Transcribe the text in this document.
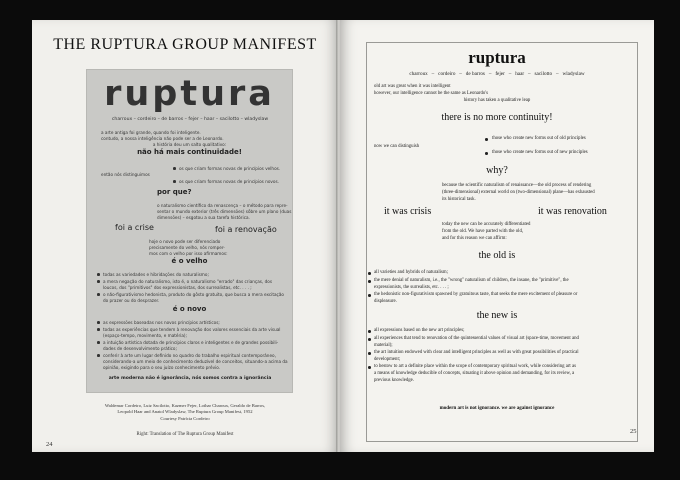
THE RUPTURA GROUP MANIFEST
ruptura
charroux – cordeiro – de barros – fejer – haar – sacilotto – wladyslaw
a arte antiga foi grande, quando foi inteligente.
contudo, a nossa inteligência não pode ser a de Leonardo.
a história deu um salto qualitativo:
não há mais continuidade!
os que criam formas novas de princípios velhos.
então nós distinguimos
os que criam formas novas de princípios novos.
por que?
o naturalismo científico da renascença – o método para repre-
sentar o mundo exterior (três dimensões) sôbre um plano (duas
dimensões) – esgotou a sua tarefa histórica.
foi a crise	foi a renovação
hoje o novo pode ser diferenciado
precisamente do velho, nós romper-
mos com o velho por isso afirmamos:
é o velho
todas as variedades e hibridações do naturalismo;
a mera negação do naturalismo, isto é, o naturalismo "errado" das crianças, dos
loucos, dos "primitivos" dos expressionistas, dos surrealistas, etc. . . . ;
o não-figurativismo hedonista, produto do gôsto gratuito, que busca a mera excitação
do prazer ou do desprazer.
é o novo
as expressões baseadas nos novos princípios artísticos;
todas as experiências que tendem à renovação dos valores essenciais da arte visual
(espaço-tempo, movimento, e matéria);
a intuição artística dotada de princípios claros e inteligentes e de grandes possibili-
dades de desenvolvimento prático;
conferir à arte um lugar definido no quadro do trabalho espiritual contemporâneo,
considerando-a um meio de conhecimento deduzível de conceitos, situando-a acima da
opinião, exigindo para o seu juízo conhecimento prévio.
arte moderna não é ignorância, nós somos contra a ignorância
Waldemar Cordeiro, Luiz Sacilotto, Kazmer Fejer, Lothar Charoux, Geraldo de Barros,
Leopold Haar and Anatol Wladyslaw, The Ruptura Group Manifest, 1952
Courtesy Patrícia Cordeiro
Right: Translation of The Ruptura Group Manifest
24
ruptura
charroux   –   cordeiro   –   de barros   –   fejer   –   haar   –   sacilotto   –   wladyslaw
old art was great when it was intelligent
however, our intelligence cannot be the same as Leonardo's
history has taken a qualitative leap
there is no more continuity!
those who create new forms out of old principles
now we can distinguish
those who create new forms out of new principles
why?
because the scientific naturalism of renaissance—the old process of rendering
(three-dimensional) external world on (two-dimensional) plane—has exhausted
its historical task.
it was crisis	it was renovation
today the new can be accurately differentiated
from the old. We have parted with the old,
and for this reason we can affirm:
the old is
all varieties and hybrids of naturalism;
the mere denial of naturalism, i.e., the "wrong" naturalism of children, the insane, the "primitive", the
expressionists, the surrealists, etc. . . . ;
the hedonistic non-figurativism spawned by gratuitous taste, that seeks the mere excitement of pleasure or
displeasure.
the new is
all expressions based on the new art principles;
all experiences that tend to renovation of the quintessential values of visual art (space-time, movement and
material);
the art intuition endowed with clear and intelligent principles as well as with great possibilities of practical
development;
to bestow to art a definite place within the scope of contemporary spiritual work, while considering art as
a means of knowledge deducible of concepts, situating it above opinion and demanding, for its review, a
previous knowledge.
modern art is not ignorance. we are against ignorance
25
